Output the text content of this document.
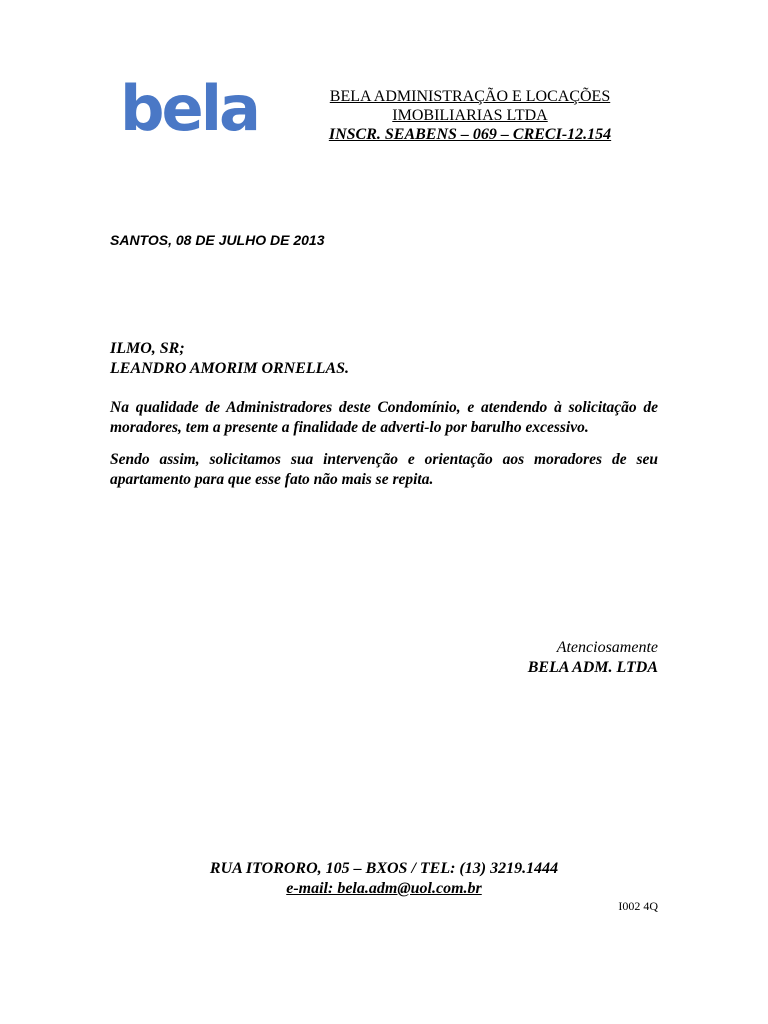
bela	BELA ADMINISTRAÇÃO E LOCAÇÕES
IMOBILIARIAS LTDA
INSCR. SEABENS – 069 – CRECI-12.154
SANTOS, 08 DE JULHO DE 2013
ILMO, SR;
LEANDRO AMORIM ORNELLAS.

Na qualidade de Administradores deste Condomínio, e atendendo à solicitação de moradores, tem a presente a finalidade de adverti-lo por barulho excessivo.

Sendo assim, solicitamos sua intervenção e orientação aos moradores de seu apartamento para que esse fato não mais se repita.

Atenciosamente
BELA ADM. LTDA
RUA ITORORO, 105 – BXOS / TEL: (13) 3219.1444
e-mail: bela.adm@uol.com.br
I002 4Q
